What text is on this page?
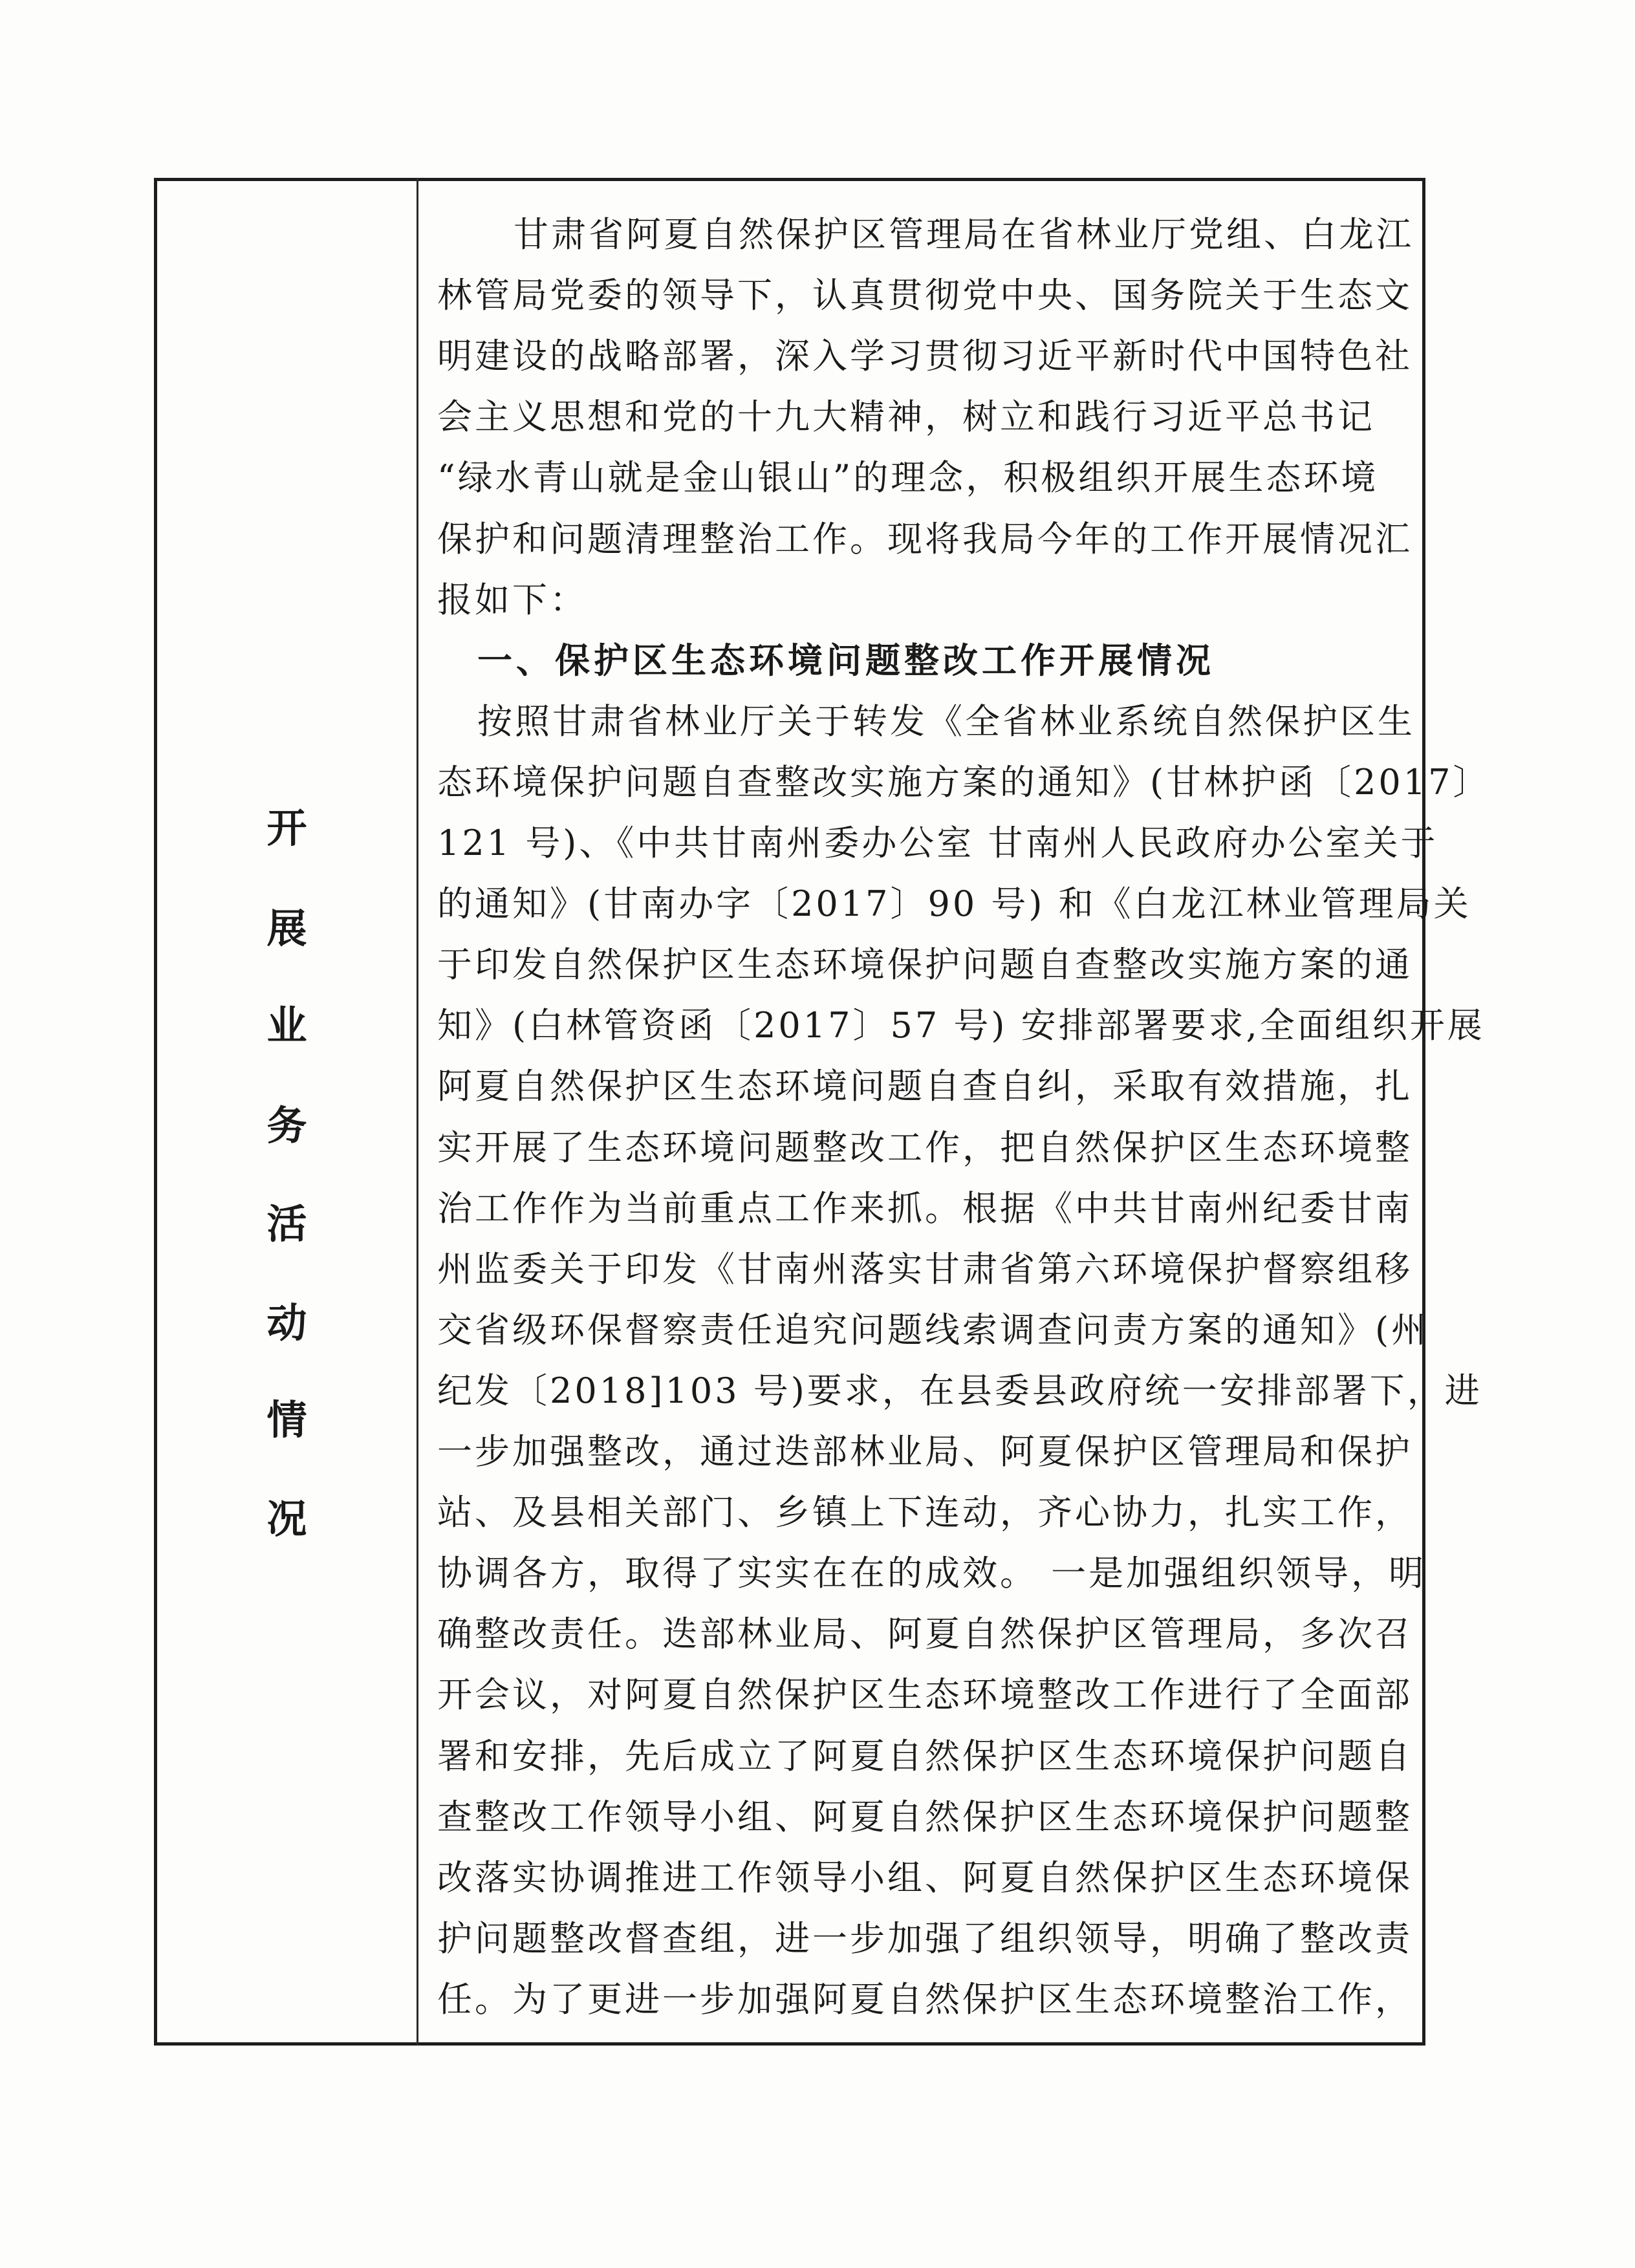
开
展
业
务
活
动
情
况
甘肃省阿夏自然保护区管理局在省林业厅党组、白龙江
林管局党委的领导下，认真贯彻党中央、国务院关于生态文
明建设的战略部署，深入学习贯彻习近平新时代中国特色社
会主义思想和党的十九大精神，树立和践行习近平总书记
“绿水青山就是金山银山”的理念，积极组织开展生态环境
保护和问题清理整治工作。现将我局今年的工作开展情况汇
报如下：
一、保护区生态环境问题整改工作开展情况
按照甘肃省林业厅关于转发《全省林业系统自然保护区生
态环境保护问题自查整改实施方案的通知》(甘林护函〔2017〕
121 号)、《中共甘南州委办公室 甘南州人民政府办公室关于
的通知》(甘南办字〔2017〕90 号) 和《白龙江林业管理局关
于印发自然保护区生态环境保护问题自查整改实施方案的通
知》(白林管资函〔2017〕57 号) 安排部署要求,全面组织开展
阿夏自然保护区生态环境问题自查自纠，采取有效措施，扎
实开展了生态环境问题整改工作，把自然保护区生态环境整
治工作作为当前重点工作来抓。根据《中共甘南州纪委甘南
州监委关于印发《甘南州落实甘肃省第六环境保护督察组移
交省级环保督察责任追究问题线索调查问责方案的通知》(州
纪发〔2018]103 号)要求，在县委县政府统一安排部署下，进
一步加强整改，通过迭部林业局、阿夏保护区管理局和保护
站、及县相关部门、乡镇上下连动，齐心协力，扎实工作，
协调各方，取得了实实在在的成效。 一是加强组织领导，明
确整改责任。迭部林业局、阿夏自然保护区管理局，多次召
开会议，对阿夏自然保护区生态环境整改工作进行了全面部
署和安排，先后成立了阿夏自然保护区生态环境保护问题自
查整改工作领导小组、阿夏自然保护区生态环境保护问题整
改落实协调推进工作领导小组、阿夏自然保护区生态环境保
护问题整改督查组，进一步加强了组织领导，明确了整改责
任。为了更进一步加强阿夏自然保护区生态环境整治工作，
